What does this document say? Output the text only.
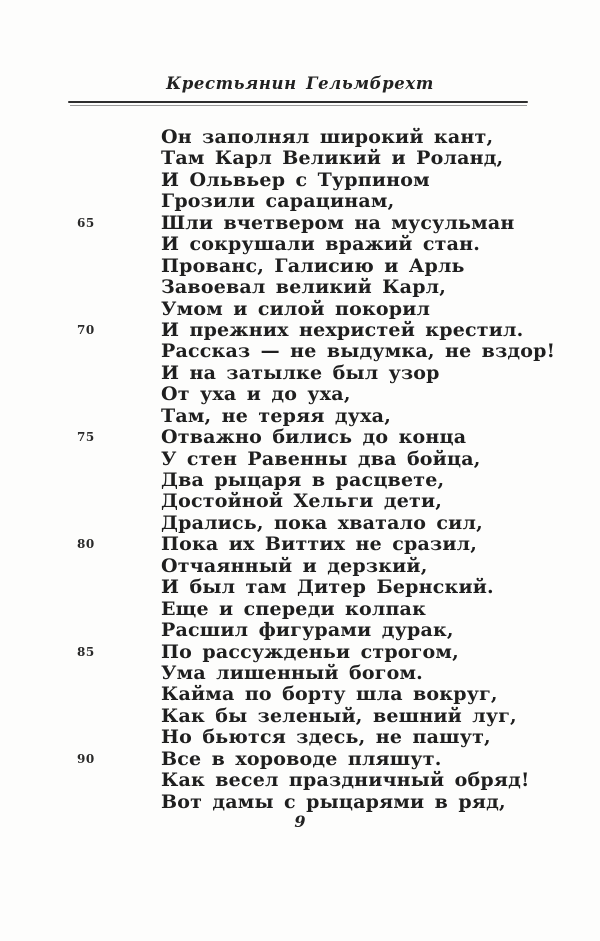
Крестьянин Гельмбрехт
Он заполнял широкий кант,
Там Карл Великий и Роланд,
И Ольвьер с Турпином
Грозили сарацинам,
65	Шли вчетвером на мусульман
И сокрушали вражий стан.
Прованс, Галисию и Арль
Завоевал великий Карл,
Умом и силой покорил
70	И прежних нехристей крестил.
Рассказ — не выдумка, не вздор!
И на затылке был узор
От уха и до уха,
Там, не теряя духа,
75	Отважно бились до конца
У стен Равенны два бойца,
Два рыцаря в расцвете,
Достойной Хельги дети,
Дрались, пока хватало сил,
80	Пока их Виттих не сразил,
Отчаянный и дерзкий,
И был там Дитер Бернский.
Еще и спереди колпак
Расшил фигурами дурак,
85	По рассужденьи строгом,
Ума лишенный богом.
Кайма по борту шла вокруг,
Как бы зеленый, вешний луг,
Но бьются здесь, не пашут,
90	Все в хороводе пляшут.
Как весел праздничный обряд!
Вот дамы с рыцарями в ряд,
9
